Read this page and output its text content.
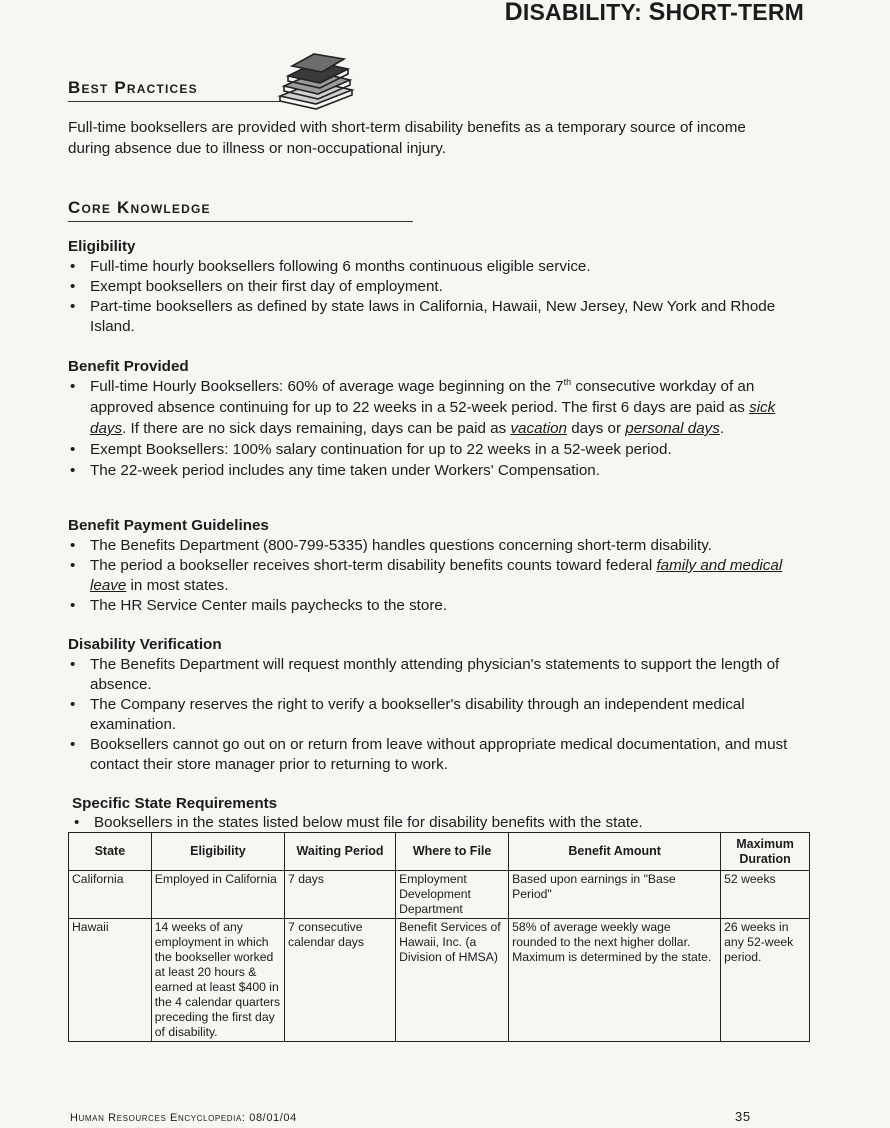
DISABILITY: SHORT-TERM
Best Practices
Full-time booksellers are provided with short-term disability benefits as a temporary source of income during absence due to illness or non-occupational injury.
Core Knowledge
Eligibility
• Full-time hourly booksellers following 6 months continuous eligible service.
• Exempt booksellers on their first day of employment.
• Part-time booksellers as defined by state laws in California, Hawaii, New Jersey, New York and Rhode Island.
Benefit Provided
• Full-time Hourly Booksellers: 60% of average wage beginning on the 7th consecutive workday of an approved absence continuing for up to 22 weeks in a 52-week period. The first 6 days are paid as sick days. If there are no sick days remaining, days can be paid as vacation days or personal days.
• Exempt Booksellers: 100% salary continuation for up to 22 weeks in a 52-week period.
• The 22-week period includes any time taken under Workers' Compensation.
Benefit Payment Guidelines
• The Benefits Department (800-799-5335) handles questions concerning short-term disability.
• The period a bookseller receives short-term disability benefits counts toward federal family and medical leave in most states.
• The HR Service Center mails paychecks to the store.
Disability Verification
• The Benefits Department will request monthly attending physician's statements to support the length of absence.
• The Company reserves the right to verify a bookseller's disability through an independent medical examination.
• Booksellers cannot go out on or return from leave without appropriate medical documentation, and must contact their store manager prior to returning to work.
Specific State Requirements
• Booksellers in the states listed below must file for disability benefits with the state.
State	Eligibility	Waiting Period	Where to File	Benefit Amount	Maximum Duration
California	Employed in California	7 days	Employment Development Department	Based upon earnings in "Base Period"	52 weeks
Hawaii	14 weeks of any employment in which the bookseller worked at least 20 hours & earned at least $400 in the 4 calendar quarters preceding the first day of disability.	7 consecutive calendar days	Benefit Services of Hawaii, Inc. (a Division of HMSA)	58% of average weekly wage rounded to the next higher dollar. Maximum is determined by the state.	26 weeks in any 52-week period.
Human Resources Encyclopedia: 08/01/04	35
